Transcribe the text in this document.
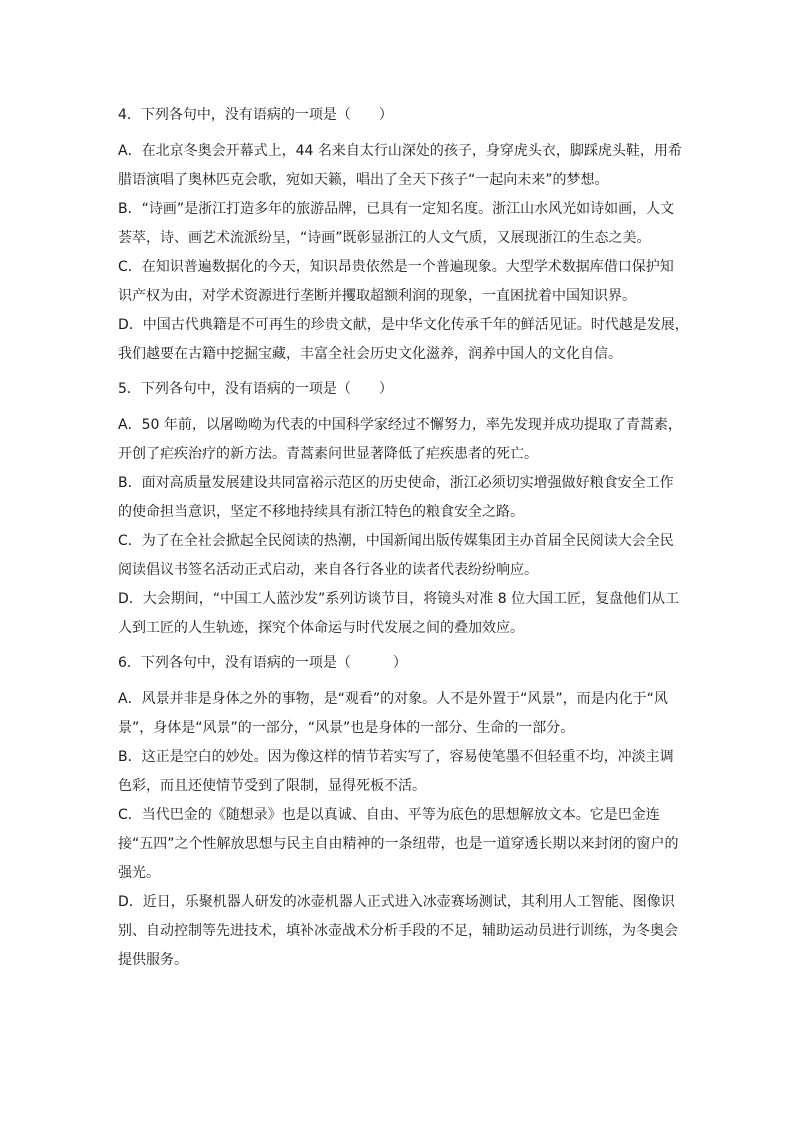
4．下列各句中，没有语病的一项是（　　）

A．在北京冬奥会开幕式上，44 名来自太行山深处的孩子，身穿虎头衣，脚踩虎头鞋，用希
腊语演唱了奥林匹克会歌，宛如天籁，唱出了全天下孩子“一起向未来”的梦想。
B．“诗画”是浙江打造多年的旅游品牌，已具有一定知名度。浙江山水风光如诗如画，人文
荟萃，诗、画艺术流派纷呈，“诗画”既彰显浙江的人文气质，又展现浙江的生态之美。
C．在知识普遍数据化的今天，知识昂贵依然是一个普遍现象。大型学术数据库借口保护知
识产权为由，对学术资源进行垄断并攫取超额利润的现象，一直困扰着中国知识界。
D．中国古代典籍是不可再生的珍贵文献，是中华文化传承千年的鲜活见证。时代越是发展，
我们越要在古籍中挖掘宝藏，丰富全社会历史文化滋养，润养中国人的文化自信。

5．下列各句中，没有语病的一项是（　　）

A．50 年前，以屠呦呦为代表的中国科学家经过不懈努力，率先发现并成功提取了青蒿素，
开创了疟疾治疗的新方法。青蒿素问世显著降低了疟疾患者的死亡。
B．面对高质量发展建设共同富裕示范区的历史使命，浙江必须切实增强做好粮食安全工作
的使命担当意识，坚定不移地持续具有浙江特色的粮食安全之路。
C．为了在全社会掀起全民阅读的热潮，中国新闻出版传媒集团主办首届全民阅读大会全民
阅读倡议书签名活动正式启动，来自各行各业的读者代表纷纷响应。
D．大会期间，“中国工人蓝沙发”系列访谈节目，将镜头对准 8 位大国工匠，复盘他们从工
人到工匠的人生轨迹，探究个体命运与时代发展之间的叠加效应。

6．下列各句中，没有语病的一项是（　　　）

A．风景并非是身体之外的事物，是“观看”的对象。人不是外置于“风景”，而是内化于“风
景”，身体是“风景”的一部分，“风景”也是身体的一部分、生命的一部分。
B．这正是空白的妙处。因为像这样的情节若实写了，容易使笔墨不但轻重不均，冲淡主调
色彩，而且还使情节受到了限制，显得死板不活。
C．当代巴金的《随想录》也是以真诚、自由、平等为底色的思想解放文本。它是巴金连
接“五四”之个性解放思想与民主自由精神的一条纽带，也是一道穿透长期以来封闭的窗户的
强光。
D．近日，乐聚机器人研发的冰壶机器人正式进入冰壶赛场测试，其利用人工智能、图像识
别、自动控制等先进技术，填补冰壶战术分析手段的不足，辅助运动员进行训练，为冬奥会
提供服务。
